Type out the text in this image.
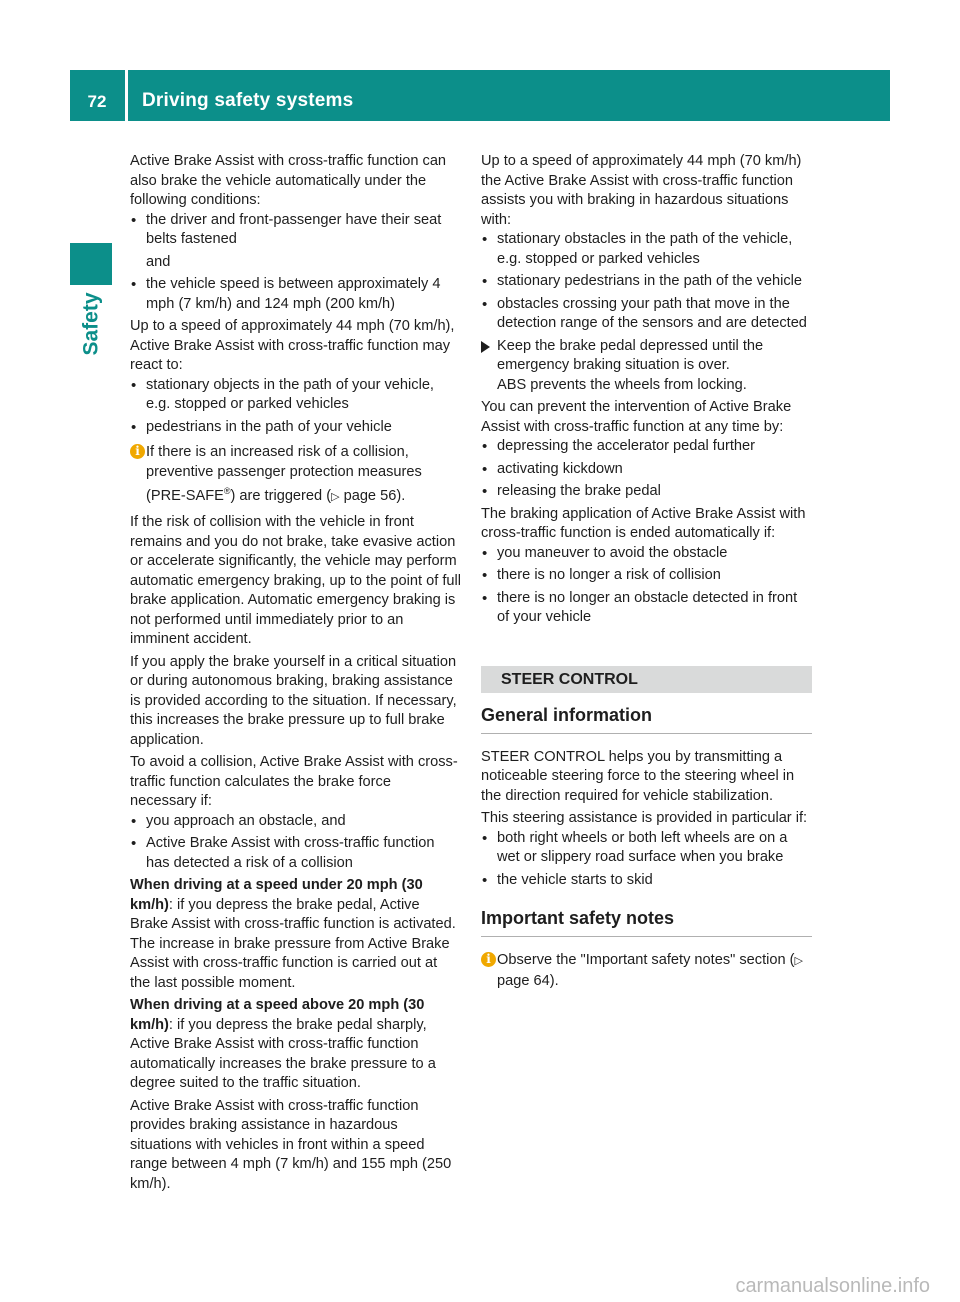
72	Driving safety systems
Safety

Active Brake Assist with cross-traffic function can also brake the vehicle automatically under the following conditions:

• the driver and front-passenger have their seat belts fastened

and

• the vehicle speed is between approximately 4 mph (7 km/h) and 124 mph (200 km/h)

Up to a speed of approximately 44 mph (70 km/h), Active Brake Assist with cross-traffic function may react to:

• stationary objects in the path of your vehicle, e.g. stopped or parked vehicles
• pedestrians in the path of your vehicle
i If there is an increased risk of a collision, preventive passenger protection measures (PRE-SAFE®) are triggered (▷ page 56).

If the risk of collision with the vehicle in front remains and you do not brake, take evasive action or accelerate significantly, the vehicle may perform automatic emergency braking, up to the point of full brake application. Automatic emergency braking is not performed until immediately prior to an imminent accident.

If you apply the brake yourself in a critical situation or during autonomous braking, braking assistance is provided according to the situation. If necessary, this increases the brake pressure up to full brake application.

To avoid a collision, Active Brake Assist with cross-traffic function calculates the brake force necessary if:

• you approach an obstacle, and
• Active Brake Assist with cross-traffic function has detected a risk of a collision

When driving at a speed under 20 mph (30 km/h): if you depress the brake pedal, Active Brake Assist with cross-traffic function is activated. The increase in brake pressure from Active Brake Assist with cross-traffic function is carried out at the last possible moment.

When driving at a speed above 20 mph (30 km/h): if you depress the brake pedal sharply, Active Brake Assist with cross-traffic function automatically increases the brake pressure to a degree suited to the traffic situation.

Active Brake Assist with cross-traffic function provides braking assistance in hazardous situations with vehicles in front within a speed range between 4 mph (7 km/h) and 155 mph (250 km/h).

Up to a speed of approximately 44 mph (70 km/h) the Active Brake Assist with cross-traffic function assists you with braking in hazardous situations with:

• stationary obstacles in the path of the vehicle, e.g. stopped or parked vehicles
• stationary pedestrians in the path of the vehicle
• obstacles crossing your path that move in the detection range of the sensors and are detected
Keep the brake pedal depressed until the emergency braking situation is over.
ABS prevents the wheels from locking.

You can prevent the intervention of Active Brake Assist with cross-traffic function at any time by:

• depressing the accelerator pedal further
• activating kickdown
• releasing the brake pedal

The braking application of Active Brake Assist with cross-traffic function is ended automatically if:

• you maneuver to avoid the obstacle
• there is no longer a risk of collision
• there is no longer an obstacle detected in front of your vehicle
STEER CONTROL
General information

STEER CONTROL helps you by transmitting a noticeable steering force to the steering wheel in the direction required for vehicle stabilization.

This steering assistance is provided in particular if:

• both right wheels or both left wheels are on a wet or slippery road surface when you brake
• the vehicle starts to skid
Important safety notes
i Observe the "Important safety notes" section (▷ page 64).
carmanualsonline.info
